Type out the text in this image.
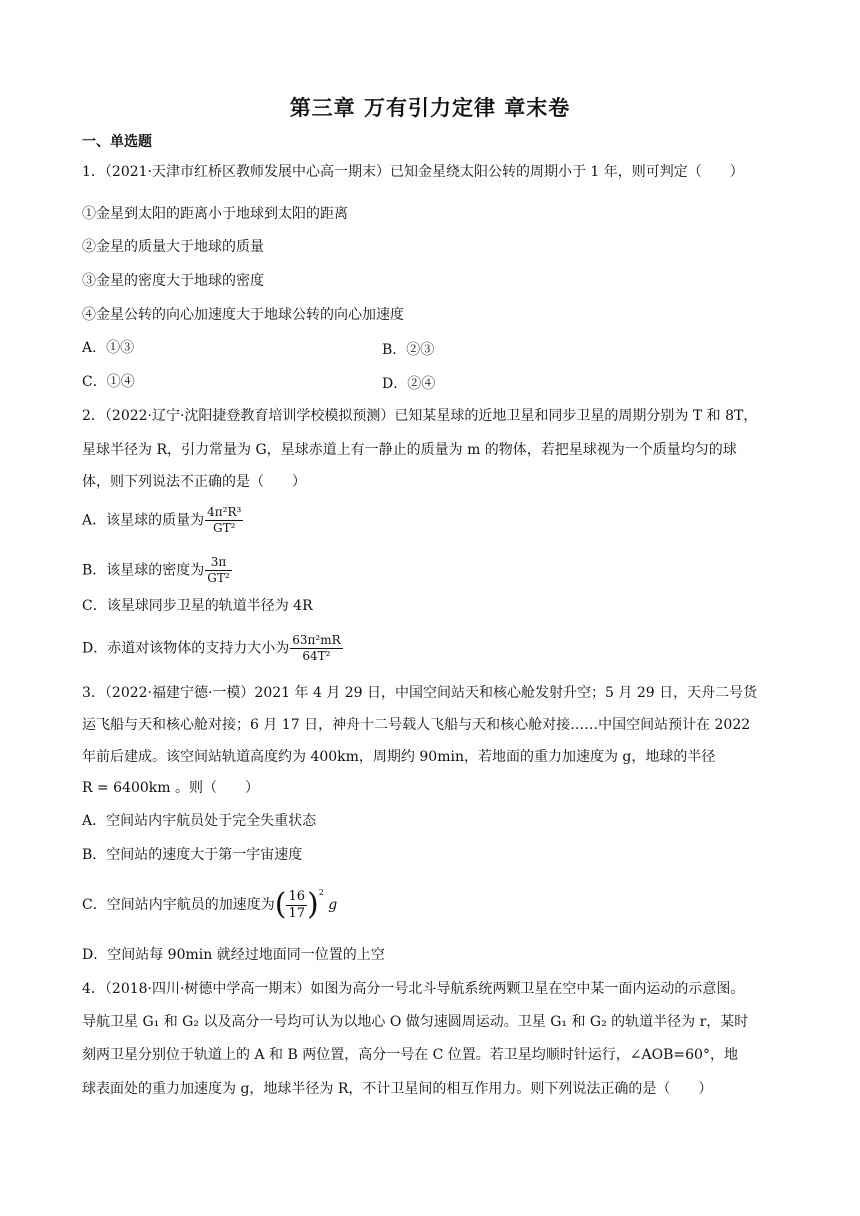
第三章 万有引力定律 章末卷
一、单选题
1．（2021·天津市红桥区教师发展中心高一期末）已知金星绕太阳公转的周期小于 1 年，则可判定（　　）
①金星到太阳的距离小于地球到太阳的距离
②金星的质量大于地球的质量
③金星的密度大于地球的密度
④金星公转的向心加速度大于地球公转的向心加速度
A．①③	B．②③
C．①④	D．②④
2．（2022·辽宁·沈阳捷登教育培训学校模拟预测）已知某星球的近地卫星和同步卫星的周期分别为 T 和 8T，
星球半径为 R，引力常量为 G，星球赤道上有一静止的质量为 m 的物体，若把星球视为一个质量均匀的球
体，则下列说法不正确的是（　　）
A．该星球的质量为 $\frac{\text{4π²R³}}{\text{GT²}}$
B．该星球的密度为 $\frac{3\pi}{\text{GT²}}$
C．该星球同步卫星的轨道半径为 4R
D．赤道对该物体的支持力大小为 $\frac{\text{63π²mR}}{\text{64T²}}$
3．（2022·福建宁德·一模）2021 年 4 月 29 日，中国空间站天和核心舱发射升空；5 月 29 日，天舟二号货
运飞船与天和核心舱对接；6 月 17 日，神舟十二号载人飞船与天和核心舱对接……中国空间站预计在 2022
年前后建成。该空间站轨道高度约为 400km，周期约 90min，若地面的重力加速度为 g，地球的半径
R = 6400km 。则（　　）
A．空间站内宇航员处于完全失重状态
B．空间站的速度大于第一宇宙速度
C．空间站内宇航员的加速度为( $\frac{16}{17} )^2$ g
D．空间站每 90min 就经过地面同一位置的上空
4．（2018·四川·树德中学高一期末）如图为高分一号北斗导航系统两颗卫星在空中某一面内运动的示意图。
导航卫星 G₁ 和 G₂ 以及高分一号均可认为以地心 O 做匀速圆周运动。卫星 G₁ 和 G₂ 的轨道半径为 r，某时
刻两卫星分别位于轨道上的 A 和 B 两位置，高分一号在 C 位置。若卫星均顺时针运行，∠AOB=60°，地
球表面处的重力加速度为 g，地球半径为 R，不计卫星间的相互作用力。则下列说法正确的是（　　）
